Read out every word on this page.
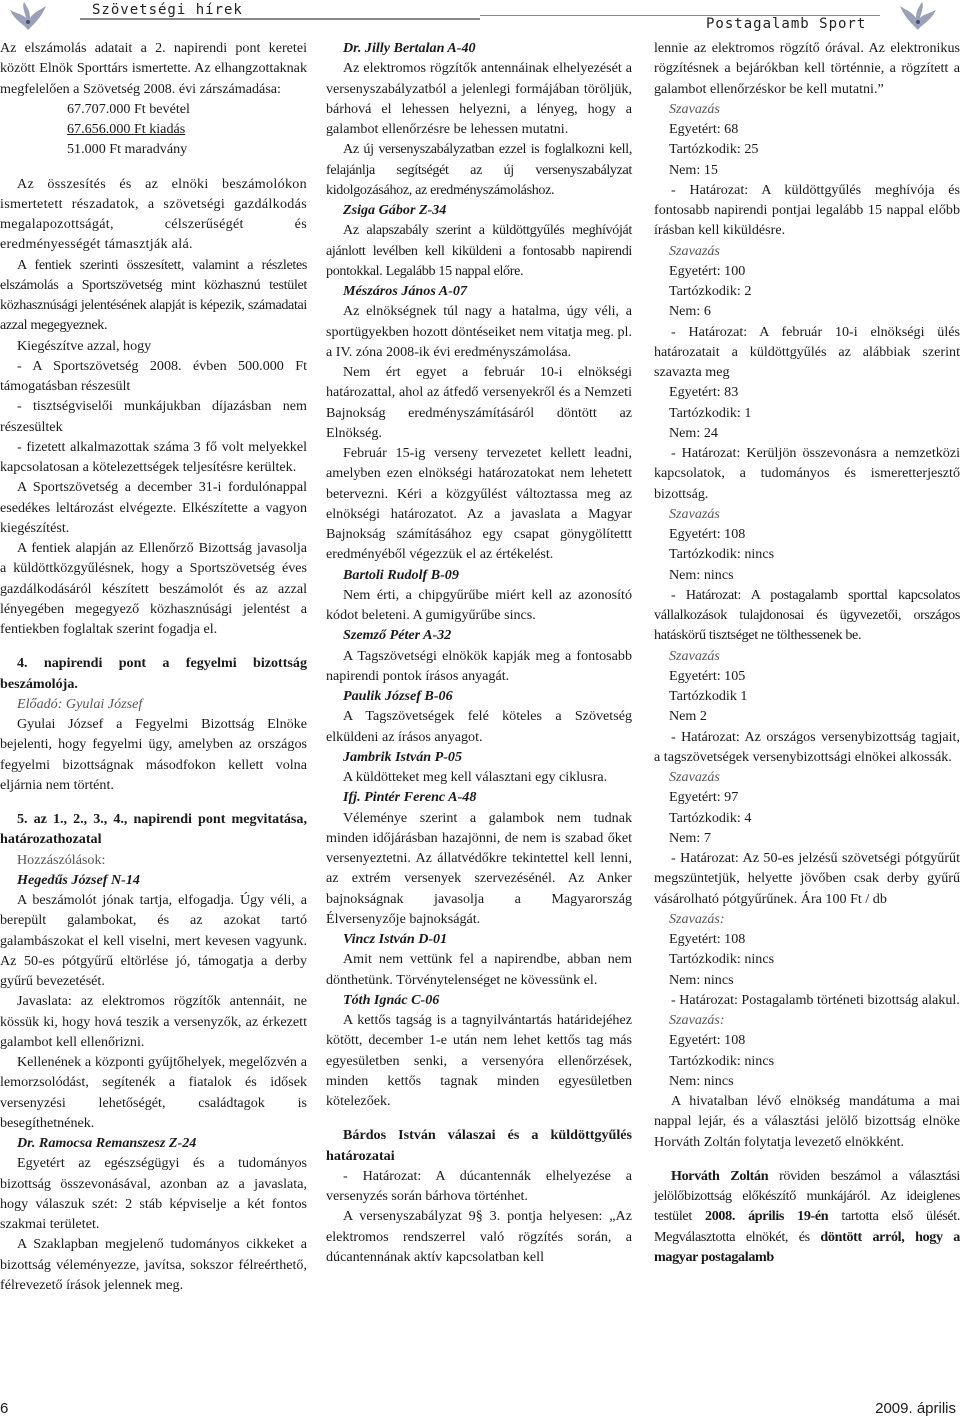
Szövetségi hírek
Postagalamb Sport

Az elszámolás adatait a 2. napirendi pont keretei között Elnök Sporttárs ismertette. Az elhangzottaknak megfelelően a Szövetség 2008. évi zárszámadása:

67.707.000 Ft bevétel

67.656.000 Ft kiadás

51.000 Ft maradvány

Az összesítés és az elnöki beszámolókon ismertetett részadatok, a szövetségi gazdálkodás megalapozottságát, célszerűségét és eredményességét támasztják alá.

A fentiek szerinti összesített, valamint a részletes elszámolás a Sportszövetség mint közhasznú testület közhasznúsági jelentésének alapját is képezik, számadatai azzal megegyeznek.

Kiegészítve azzal, hogy

- A Sportszövetség 2008. évben 500.000 Ft támogatásban részesült

- tisztségviselői munkájukban díjazásban nem részesültek

- fizetett alkalmazottak száma 3 fő volt melyekkel kapcsolatosan a kötelezettségek teljesítésre kerültek.

A Sportszövetség a december 31-i fordulónappal esedékes leltározást elvégezte. Elkészítette a vagyon kiegészítést.

A fentiek alapján az Ellenőrző Bizottság javasolja a küldöttközgyűlésnek, hogy a Sportszövetség éves gazdálkodásáról készített beszámolót és az azzal lényegében megegyező közhasznúsági jelentést a fentiekben foglaltak szerint fogadja el.

4. napirendi pont a fegyelmi bizottság beszámolója.

Előadó: Gyulai József

Gyulai József a Fegyelmi Bizottság Elnöke bejelenti, hogy fegyelmi ügy, amelyben az országos fegyelmi bizottságnak másodfokon kellett volna eljárnia nem történt.

5. az 1., 2., 3., 4., napirendi pont megvitatása, határozathozatal

Hozzászólások:

Hegedűs József N-14

A beszámolót jónak tartja, elfogadja. Úgy véli, a berepült galambokat, és az azokat tartó galambászokat el kell viselni, mert kevesen vagyunk. Az 50-es pótgyűrű eltörlése jó, támogatja a derby gyűrű bevezetését.

Javaslata: az elektromos rögzítők antennáit, ne kössük ki, hogy hová teszik a versenyzők, az érkezett galambot kell ellenőrizni.

Kellenének a központi gyűjtőhelyek, megelőzvén a lemorzsolódást, segítenék a fiatalok és idősek versenyzési lehetőségét, családtagok is besegíthetnének.

Dr. Ramocsa Remanszesz Z-24

Egyetért az egészségügyi és a tudományos bizottság összevonásával, azonban az a javaslata, hogy válaszuk szét: 2 stáb képviselje a két fontos szakmai területet.

A Szaklapban megjelenő tudományos cikkeket a bizottság véleményezze, javítsa, sokszor félreérthető, félrevezető írások jelennek meg.

Dr. Jilly Bertalan A-40

Az elektromos rögzítők antennáinak elhelyezését a versenyszabályzatból a jelenlegi formájában töröljük, bárhová el lehessen helyezni, a lényeg, hogy a galambot ellenőrzésre be lehessen mutatni.

Az új versenyszabályzatban ezzel is foglalkozni kell, felajánlja segítségét az új versenyszabályzat kidolgozásához, az eredményszámoláshoz.

Zsiga Gábor Z-34

Az alapszabály szerint a küldöttgyűlés meghívóját ajánlott levélben kell kiküldeni a fontosabb napirendi pontokkal. Legalább 15 nappal előre.

Mészáros János A-07

Az elnökségnek túl nagy a hatalma, úgy véli, a sportügyekben hozott döntéseiket nem vitatja meg. pl. a IV. zóna 2008-ik évi eredményszámolása.

Nem ért egyet a február 10-i elnökségi határozattal, ahol az átfedő versenyekről és a Nemzeti Bajnokság eredményszámításáról döntött az Elnökség.

Február 15-ig verseny tervezetet kellett leadni, amelyben ezen elnökségi határozatokat nem lehetett betervezni. Kéri a közgyűlést változtassa meg az elnökségi határozatot. Az a javaslata a Magyar Bajnokság számításához egy csapat gönygölítettt eredményéből végezzük el az értékelést.

Bartoli Rudolf B-09

Nem érti, a chipgyűrűbe miért kell az azonosító kódot beleteni. A gumigyűrűbe sincs.

Szemző Péter A-32

A Tagszövetségi elnökök kapják meg a fontosabb napirendi pontok írásos anyagát.

Paulik József B-06

A Tagszövetségek felé köteles a Szövetség elküldeni az írásos anyagot.

Jambrik István P-05

A küldötteket meg kell választani egy ciklusra.

Ifj. Pintér Ferenc A-48

Véleménye szerint a galambok nem tudnak minden időjárásban hazajönni, de nem is szabad őket versenyeztetni. Az állatvédőkre tekintettel kell lenni, az extrém versenyek szervezésénél. Az Anker bajnokságnak javasolja a Magyarország Élversenyzője bajnokságát.

Vincz István D-01

Amit nem vettünk fel a napirendbe, abban nem dönthetünk. Törvénytelenséget ne kövessünk el.

Tóth Ignác C-06

A kettős tagság is a tagnyilvántartás határidejéhez kötött, december 1-e után nem lehet kettős tag más egyesületben senki, a versenyóra ellenőrzések, minden kettős tagnak minden egyesületben kötelezőek.

Bárdos István válaszai és a küldöttgyűlés határozatai

- Határozat: A dúcantennák elhelyezése a versenyzés során bárhova történhet.

A versenyszabályzat 9§ 3. pontja helyesen: „Az elektromos rendszerrel való rögzítés során, a dúcantennának aktív kapcsolatban kell

lennie az elektromos rögzítő órával. Az elektronikus rögzítésnek a bejárókban kell történnie, a rögzített a galambot ellenőrzéskor be kell mutatni.”

Szavazás

Egyetért: 68

Tartózkodik: 25

Nem: 15

- Határozat: A küldöttgyűlés meghívója és fontosabb napirendi pontjai legalább 15 nappal előbb írásban kell kiküldésre.

Szavazás

Egyetért: 100

Tartózkodik: 2

Nem: 6

- Határozat: A február 10-i elnökségi ülés határozatait a küldöttgyűlés az alábbiak szerint szavazta meg

Egyetért: 83

Tartózkodik: 1

Nem: 24

- Határozat: Kerüljön összevonásra a nemzetközi kapcsolatok, a tudományos és ismeretterjesztő bizottság.

Szavazás

Egyetért: 108

Tartózkodik: nincs

Nem: nincs

- Határozat: A postagalamb sporttal kapcsolatos vállalkozások tulajdonosai és ügyvezetői, országos hatáskörű tisztséget ne tölthessenek be.

Szavazás

Egyetért: 105

Tartózkodik 1

Nem 2

- Határozat: Az országos versenybizottság tagjait, a tagszövetségek versenybizottsági elnökei alkossák.

Szavazás

Egyetért: 97

Tartózkodik: 4

Nem: 7

- Határozat: Az 50-es jelzésű szövetségi pótgyűrűt megszüntetjük, helyette jövőben csak derby gyűrű vásárolható pótgyűrűnek. Ára 100 Ft / db

Szavazás:

Egyetért: 108

Tartózkodik: nincs

Nem: nincs

- Határozat: Postagalamb történeti bizottság alakul.

Szavazás:

Egyetért: 108

Tartózkodik: nincs

Nem: nincs

A hivatalban lévő elnökség mandátuma a mai nappal lejár, és a választási jelölő bizottság elnöke Horváth Zoltán folytatja levezető elnökként.

Horváth Zoltán röviden beszámol a választási jelölőbizottság előkészítő munkájáról. Az ideiglenes testület 2008. április 19-én tartotta első ülését. Megválasztotta elnökét, és döntött arról, hogy a magyar postagalamb

6	2009. április
